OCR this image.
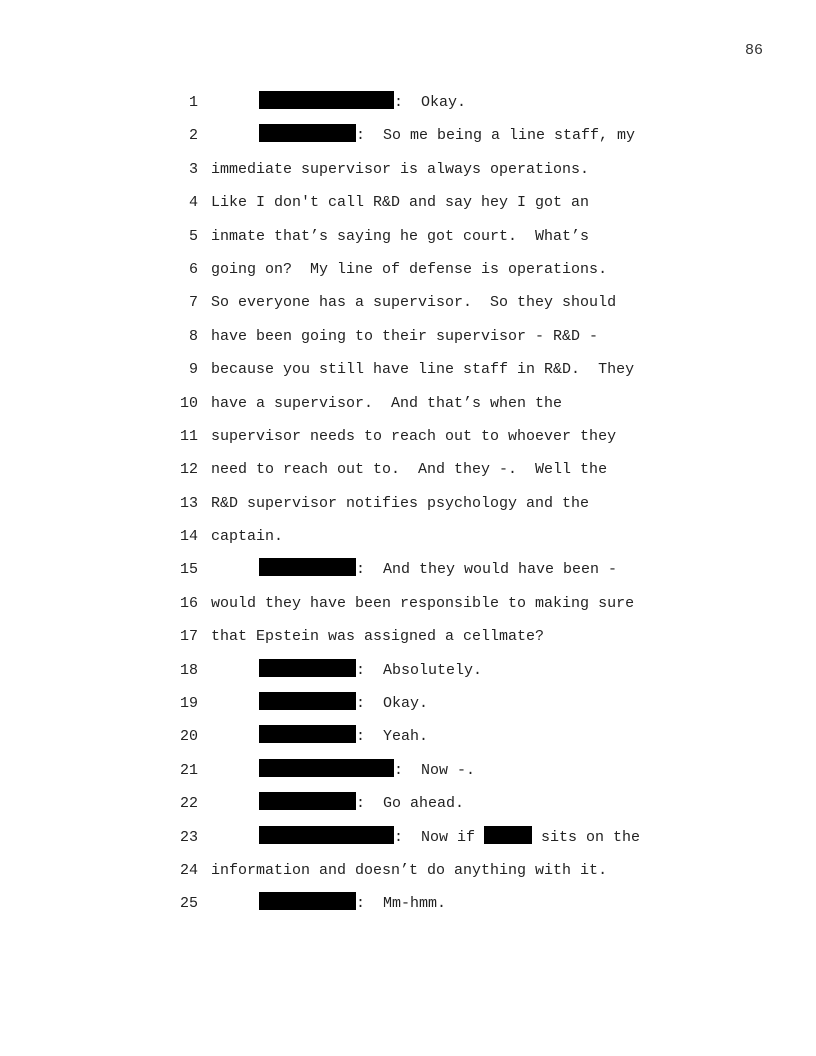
86
1	:  Okay.
2	:  So me being a line staff, my
3 immediate supervisor is always operations.
4 Like I don't call R&D and say hey I got an
5 inmate that’s saying he got court.  What’s
6 going on?  My line of defense is operations.
7 So everyone has a supervisor.  So they should
8 have been going to their supervisor - R&D -
9 because you still have line staff in R&D.  They
10 have a supervisor.  And that’s when the
11 supervisor needs to reach out to whoever they
12 need to reach out to.  And they -.  Well the
13 R&D supervisor notifies psychology and the
14 captain.
15	:  And they would have been -
16 would they have been responsible to making sure
17 that Epstein was assigned a cellmate?
18	:  Absolutely.
19	:  Okay.
20	:  Yeah.
21	:  Now -.
22	:  Go ahead.
23	:  Now if	sits on the
24 information and doesn’t do anything with it.
25	:  Mm-hmm.
